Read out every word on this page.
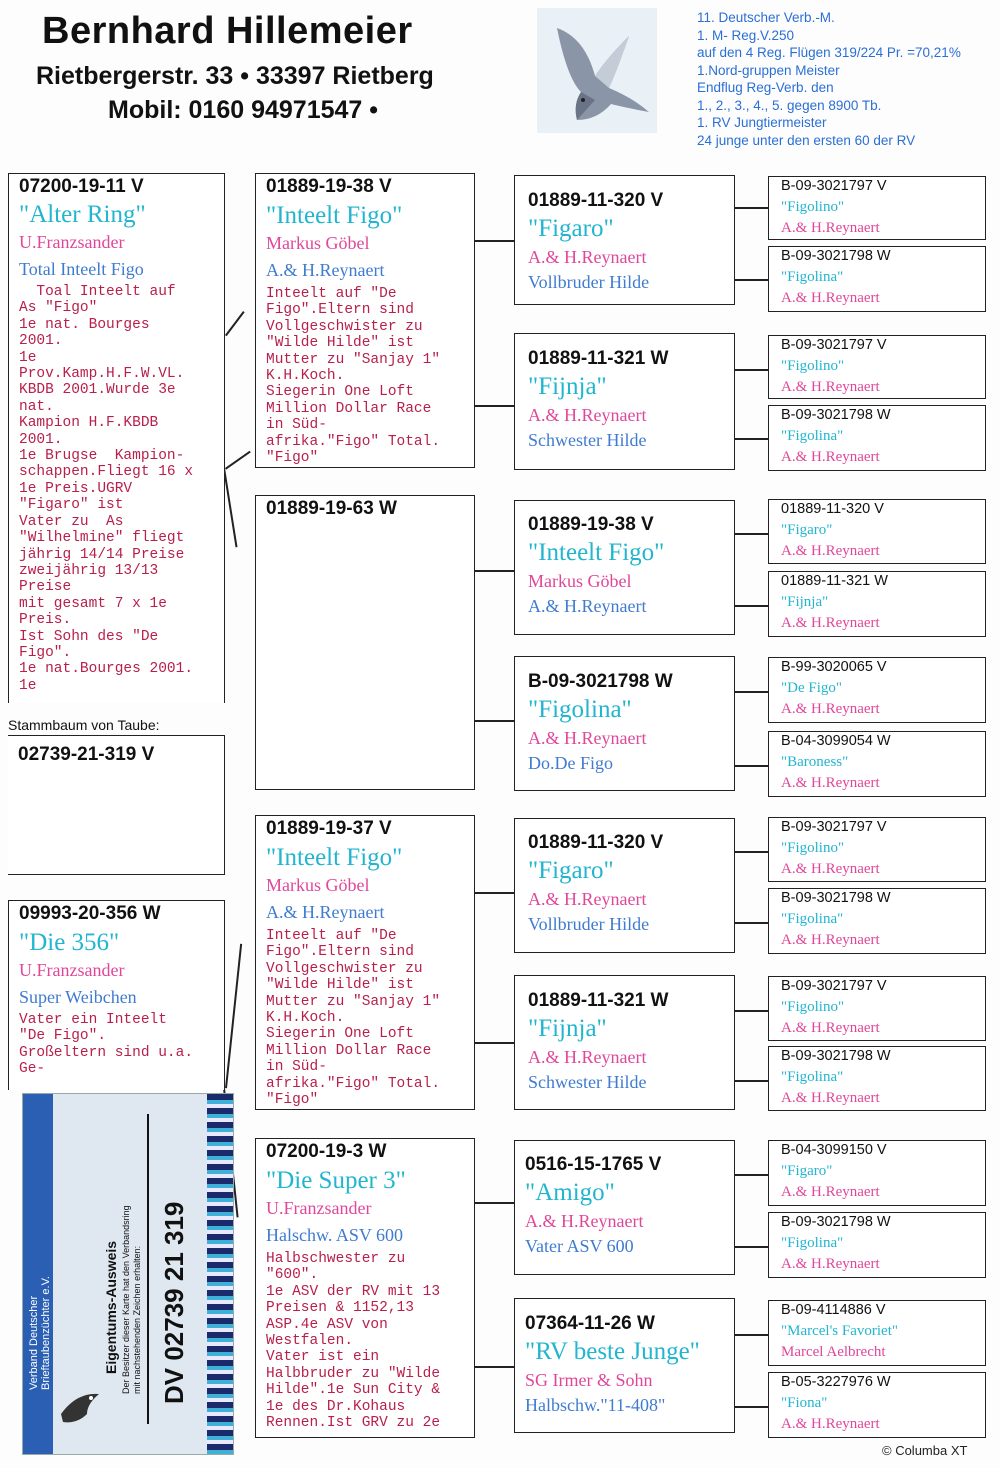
Bernhard Hillemeier
Rietbergerstr. 33 • 33397 Rietberg
Mobil: 0160 94971547 •
11. Deutscher Verb.-M.
1. M- Reg.V.250
auf den 4 Reg. Flügen 319/224 Pr. =70,21%
1.Nord-gruppen Meister
Endflug Reg-Verb. den
1., 2., 3., 4., 5. gegen 8900 Tb.
1. RV Jungtiermeister
24 junge unter den ersten 60 der RV
07200-19-11 V
"Alter Ring"
U.Franzsander
Total Inteelt Figo
Toal Inteelt auf
As "Figo"
1e nat. Bourges
2001.
1e
Prov.Kamp.H.F.W.VL.
KBDB 2001.Wurde 3e
nat.
Kampion H.F.KBDB
2001.
1e Brugse  Kampion-
schappen.Fliegt 16 x
1e Preis.UGRV
"Figaro" ist
Vater zu  As
"Wilhelmine" fliegt
jährig 14/14 Preise
zweijährig 13/13
Preise
mit gesamt 7 x 1e
Preis.
Ist Sohn des "De
Figo".
1e nat.Bourges 2001.
1e
Stammbaum von Taube:
02739-21-319 V
09993-20-356 W
"Die 356"
U.Franzsander
Super Weibchen
Vater ein Inteelt
"De Figo".
Großeltern sind u.a.
Ge-
Verband Deutscher
Brieftaubenzüchter e.V.	Eigentums-Ausweis Der Besitzer dieser Karte hat den Verbandsring
mit nachstehenden Zeichen erhalten: DV 02739 21 319
01889-19-38 V
"Inteelt Figo"
Markus Göbel
A.& H.Reynaert
Inteelt auf "De
Figo".Eltern sind
Vollgeschwister zu
"Wilde Hilde" ist
Mutter zu "Sanjay 1"
K.H.Koch.
Siegerin One Loft
Million Dollar Race
in Süd-
afrika."Figo" Total.
"Figo"
01889-19-63 W
01889-19-37 V
"Inteelt Figo"
Markus Göbel
A.& H.Reynaert
Inteelt auf "De
Figo".Eltern sind
Vollgeschwister zu
"Wilde Hilde" ist
Mutter zu "Sanjay 1"
K.H.Koch.
Siegerin One Loft
Million Dollar Race
in Süd-
afrika."Figo" Total.
"Figo"
07200-19-3 W
"Die Super 3"
U.Franzsander
Halschw. ASV 600
Halbschwester zu
"600".
1e ASV der RV mit 13
Preisen & 1152,13
ASP.4e ASV von
Westfalen.
Vater ist ein
Halbbruder zu "Wilde
Hilde".1e Sun City &
1e des Dr.Kohaus
Rennen.Ist GRV zu 2e
01889-11-320 V
"Figaro"
A.& H.Reynaert
Vollbruder Hilde
01889-11-321 W
"Fijnja"
A.& H.Reynaert
Schwester Hilde
01889-19-38 V
"Inteelt Figo"
Markus Göbel
A.& H.Reynaert
B-09-3021798 W
"Figolina"
A.& H.Reynaert
Do.De Figo
01889-11-320 V
"Figaro"
A.& H.Reynaert
Vollbruder Hilde
01889-11-321 W
"Fijnja"
A.& H.Reynaert
Schwester Hilde
0516-15-1765 V
"Amigo"
A.& H.Reynaert
Vater ASV 600
07364-11-26 W
"RV beste Junge"
SG Irmer & Sohn
Halbschw."11-408"
B-09-3021797 V
"Figolino"
A.& H.Reynaert
B-09-3021798 W
"Figolina"
A.& H.Reynaert
B-09-3021797 V
"Figolino"
A.& H.Reynaert
B-09-3021798 W
"Figolina"
A.& H.Reynaert
01889-11-320 V
"Figaro"
A.& H.Reynaert
01889-11-321 W
"Fijnja"
A.& H.Reynaert
B-99-3020065 V
"De Figo"
A.& H.Reynaert
B-04-3099054 W
"Baroness"
A.& H.Reynaert
B-09-3021797 V
"Figolino"
A.& H.Reynaert
B-09-3021798 W
"Figolina"
A.& H.Reynaert
B-09-3021797 V
"Figolino"
A.& H.Reynaert
B-09-3021798 W
"Figolina"
A.& H.Reynaert
B-04-3099150 V
"Figaro"
A.& H.Reynaert
B-09-3021798 W
"Figolina"
A.& H.Reynaert
B-09-4114886 V
"Marcel's Favoriet"
Marcel Aelbrecht
B-05-3227976 W
"Fiona"
A.& H.Reynaert
© Columba XT
